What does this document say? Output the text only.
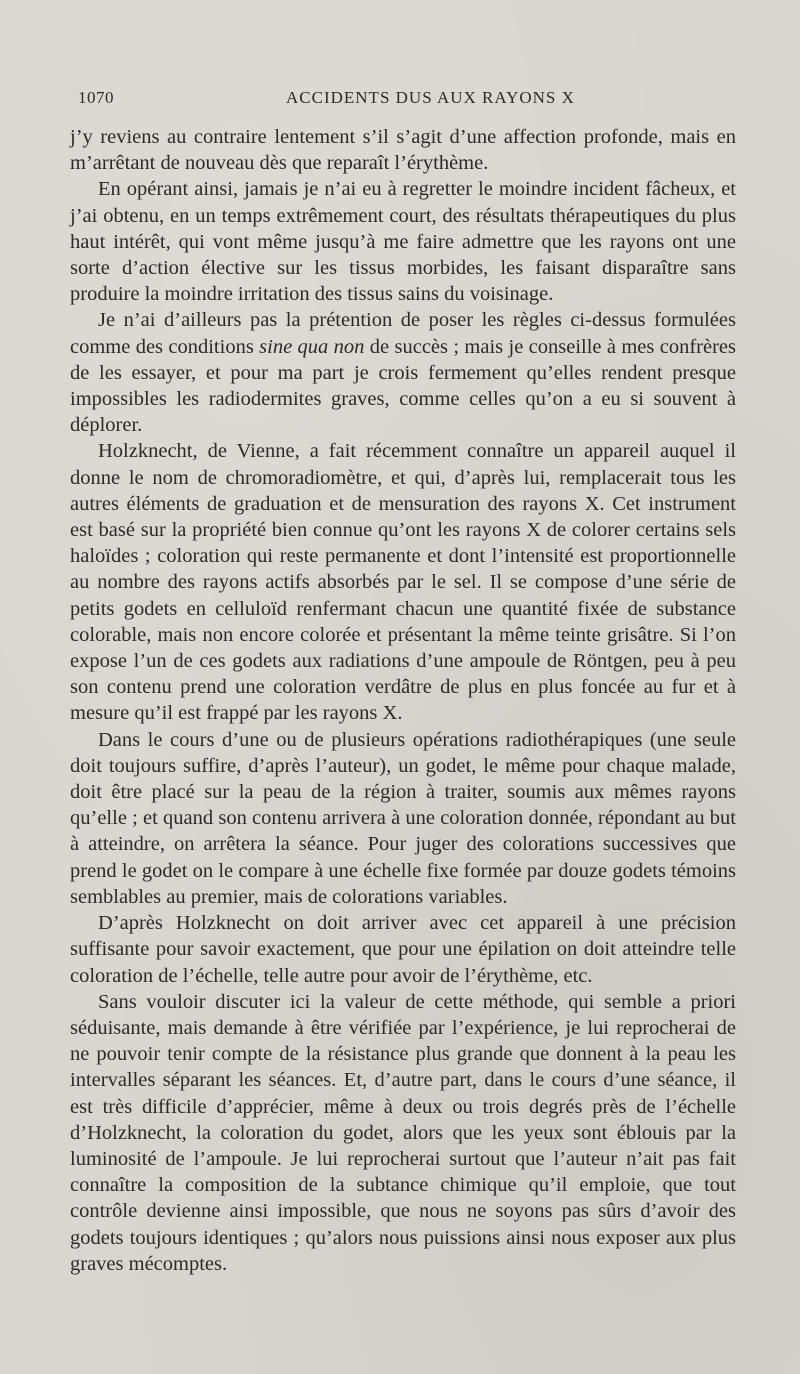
1070	ACCIDENTS DUS AUX RAYONS X

j’y reviens au contraire lentement s’il s’agit d’une affection profonde, mais en m’arrêtant de nouveau dès que reparaît l’érythème.

En opérant ainsi, jamais je n’ai eu à regretter le moindre incident fâcheux, et j’ai obtenu, en un temps extrêmement court, des résultats thérapeutiques du plus haut intérêt, qui vont même jusqu’à me faire admettre que les rayons ont une sorte d’action élective sur les tissus morbides, les faisant disparaître sans produire la moindre irritation des tissus sains du voisinage.

Je n’ai d’ailleurs pas la prétention de poser les règles ci-dessus formulées comme des conditions sine qua non de succès ; mais je conseille à mes confrères de les essayer, et pour ma part je crois fermement qu’elles rendent presque impossibles les radiodermites graves, comme celles qu’on a eu si souvent à déplorer.

Holzknecht, de Vienne, a fait récemment connaître un appareil auquel il donne le nom de chromoradiomètre, et qui, d’après lui, remplacerait tous les autres éléments de graduation et de mensuration des rayons X. Cet instrument est basé sur la propriété bien connue qu’ont les rayons X de colorer certains sels haloïdes ; coloration qui reste permanente et dont l’intensité est proportionnelle au nombre des rayons actifs absorbés par le sel. Il se compose d’une série de petits godets en celluloïd renfermant chacun une quantité fixée de substance colorable, mais non encore colorée et présentant la même teinte grisâtre. Si l’on expose l’un de ces godets aux radiations d’une ampoule de Röntgen, peu à peu son contenu prend une coloration verdâtre de plus en plus foncée au fur et à mesure qu’il est frappé par les rayons X.

Dans le cours d’une ou de plusieurs opérations radiothérapiques (une seule doit toujours suffire, d’après l’auteur), un godet, le même pour chaque malade, doit être placé sur la peau de la région à traiter, soumis aux mêmes rayons qu’elle ; et quand son contenu arrivera à une coloration donnée, répondant au but à atteindre, on arrêtera la séance. Pour juger des colorations successives que prend le godet on le compare à une échelle fixe formée par douze godets témoins semblables au premier, mais de colorations variables.

D’après Holzknecht on doit arriver avec cet appareil à une précision suffisante pour savoir exactement, que pour une épilation on doit atteindre telle coloration de l’échelle, telle autre pour avoir de l’érythème, etc.

Sans vouloir discuter ici la valeur de cette méthode, qui semble a priori séduisante, mais demande à être vérifiée par l’expérience, je lui reprocherai de ne pouvoir tenir compte de la résistance plus grande que donnent à la peau les intervalles séparant les séances. Et, d’autre part, dans le cours d’une séance, il est très difficile d’apprécier, même à deux ou trois degrés près de l’échelle d’Holzknecht, la coloration du godet, alors que les yeux sont éblouis par la luminosité de l’ampoule. Je lui reprocherai surtout que l’auteur n’ait pas fait connaître la composition de la subtance chimique qu’il emploie, que tout contrôle devienne ainsi impossible, que nous ne soyons pas sûrs d’avoir des godets toujours identiques ; qu’alors nous puissions ainsi nous exposer aux plus graves mécomptes.
